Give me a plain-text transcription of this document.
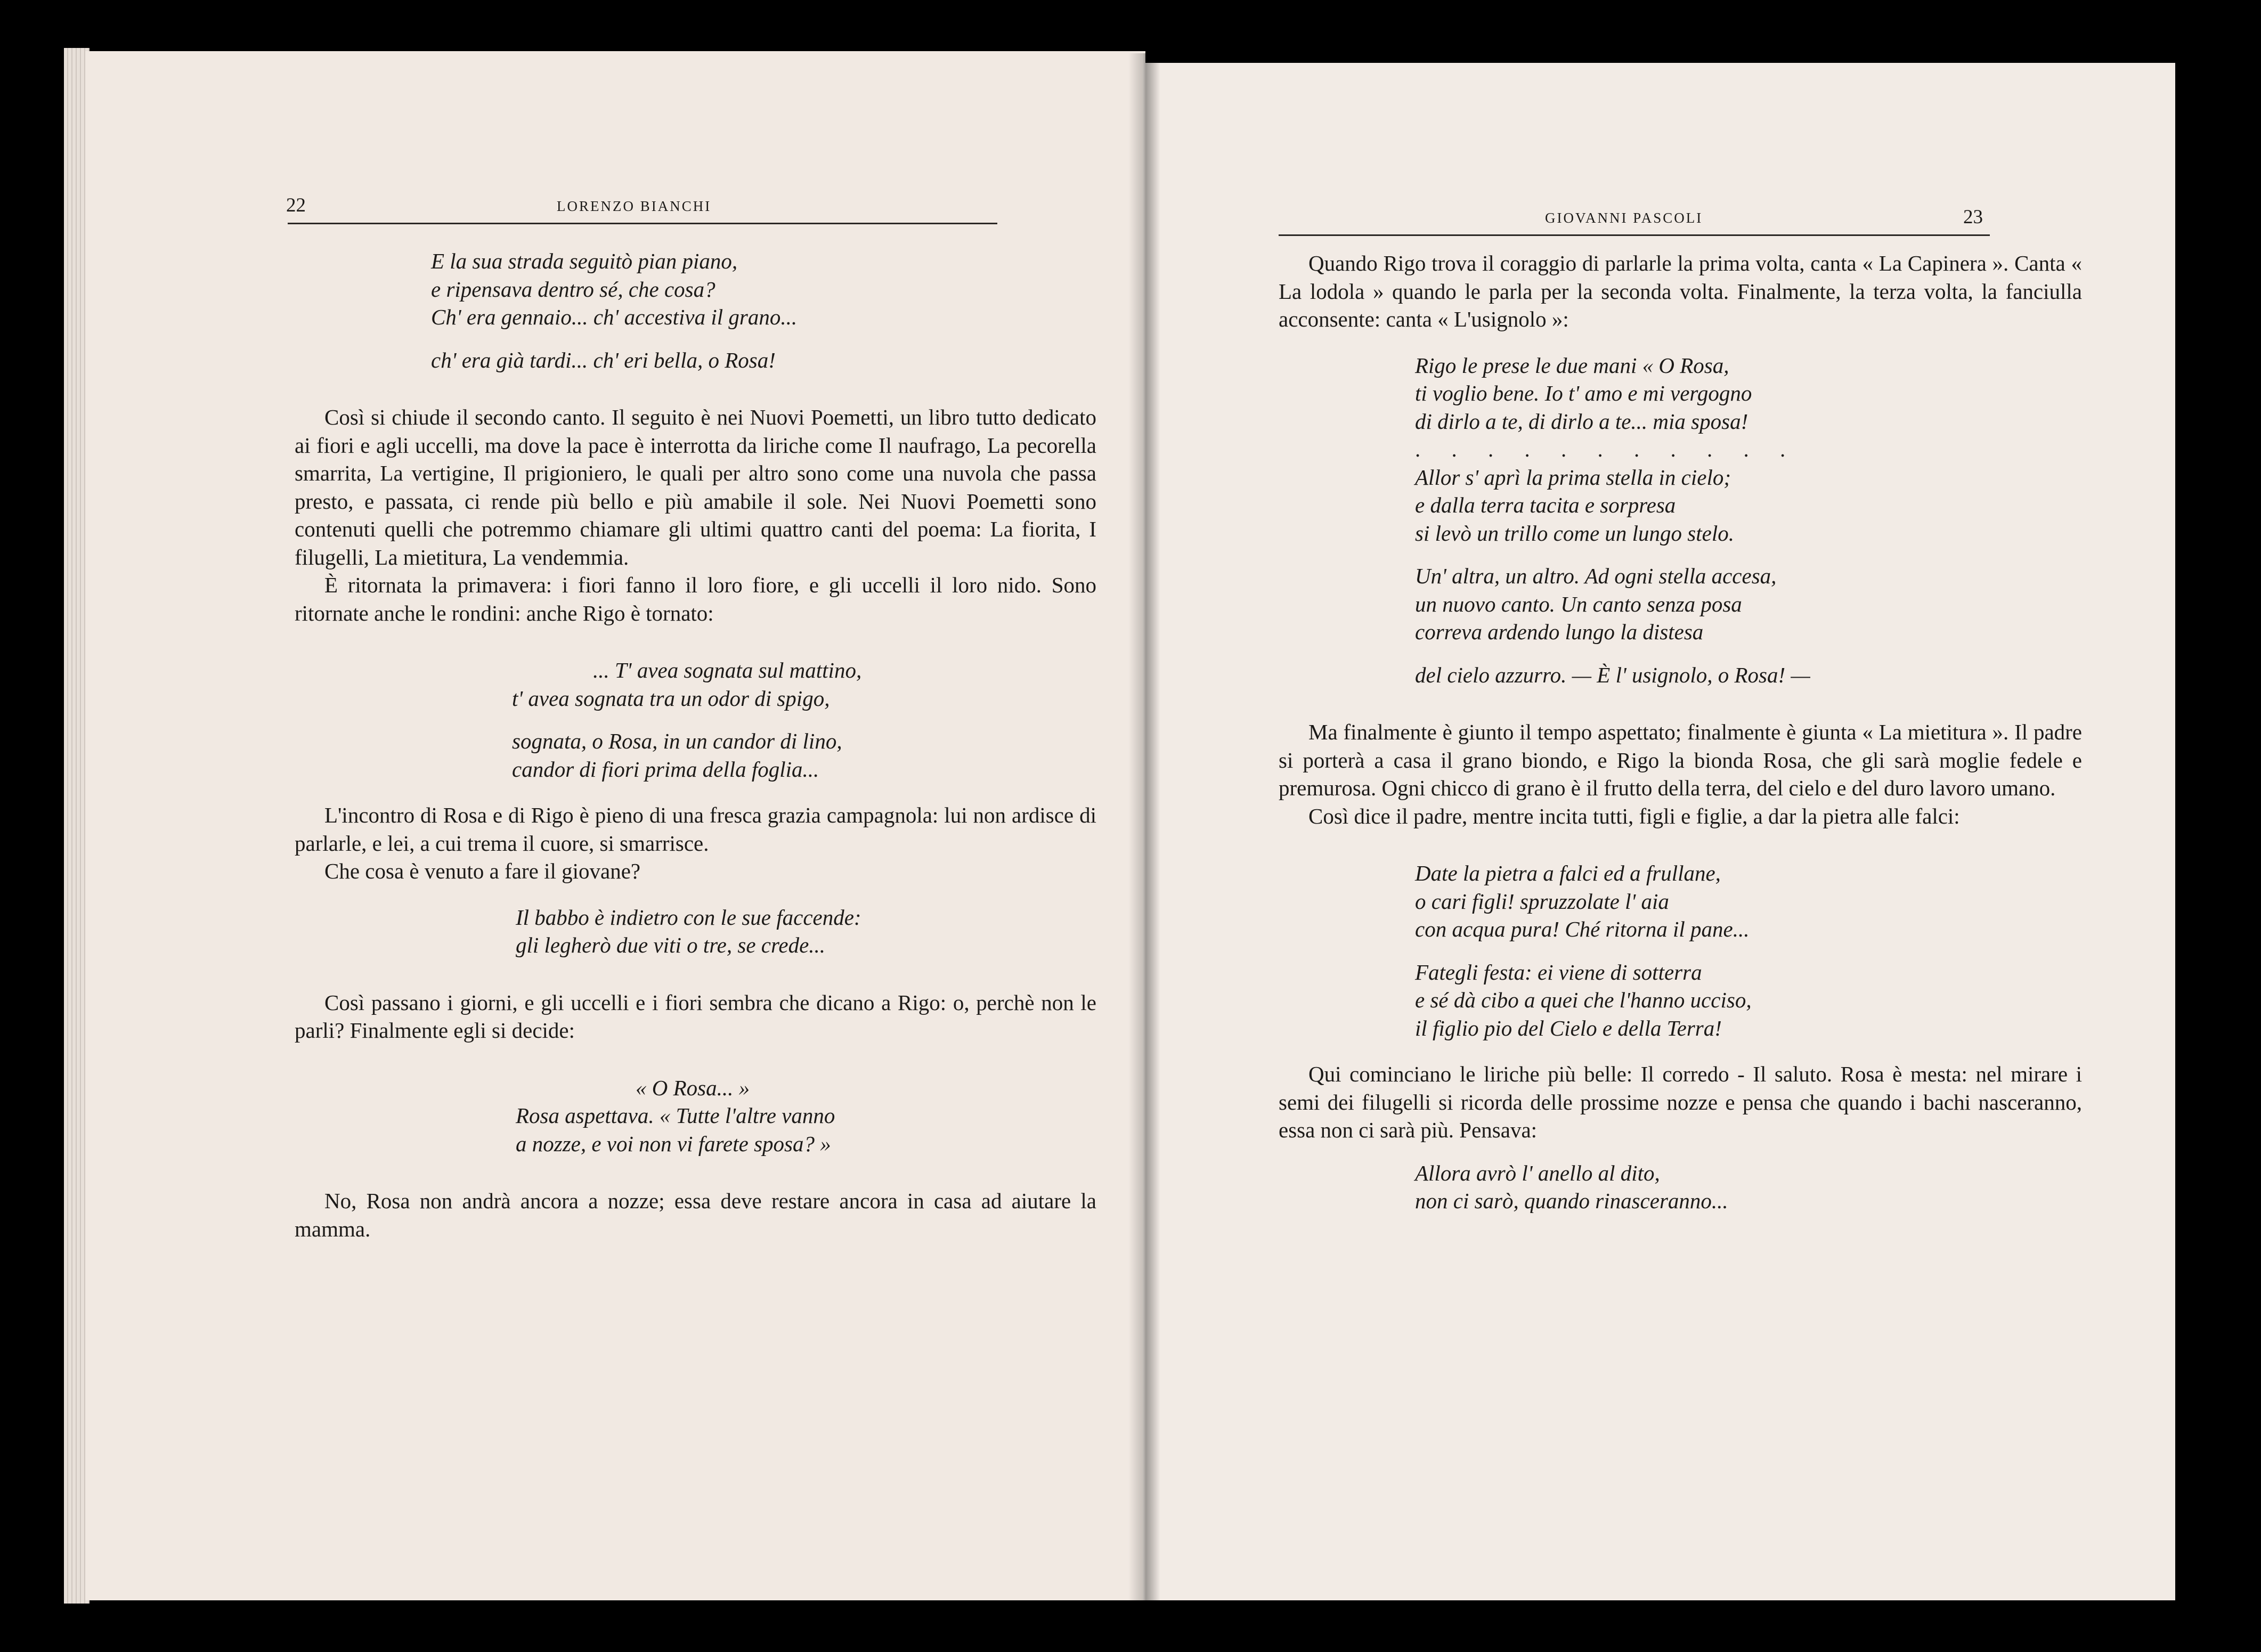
22	LORENZO BIANCHI
E la sua strada seguitò pian piano,
e ripensava dentro sé, che cosa?
Ch' era gennaio... ch' accestiva il grano...
ch' era già tardi... ch' eri bella, o Rosa!

Così si chiude il secondo canto. Il seguito è nei Nuovi Poemetti, un libro tutto dedicato ai fiori e agli uccelli, ma dove la pace è interrotta da liriche come Il naufrago, La pecorella smarrita, La vertigine, Il prigioniero, le quali per altro sono come una nuvola che passa presto, e passata, ci rende più bello e più amabile il sole. Nei Nuovi Poemetti sono contenuti quelli che potremmo chiamare gli ultimi quattro canti del poema: La fiorita, I filugelli, La mietitura, La vendemmia.

È ritornata la primavera: i fiori fanno il loro fiore, e gli uccelli il loro nido. Sono ritornate anche le rondini: anche Rigo è tornato:

... T' avea sognata sul mattino,
t' avea sognata tra un odor di spigo,
sognata, o Rosa, in un candor di lino,
candor di fiori prima della foglia...

L'incontro di Rosa e di Rigo è pieno di una fresca grazia campagnola: lui non ardisce di parlarle, e lei, a cui trema il cuore, si smarrisce.

Che cosa è venuto a fare il giovane?

Il babbo è indietro con le sue faccende:
gli legherò due viti o tre, se crede...

Così passano i giorni, e gli uccelli e i fiori sembra che dicano a Rigo: o, perchè non le parli? Finalmente egli si decide:

« O Rosa... »
Rosa aspettava. « Tutte l'altre vanno
a nozze, e voi non vi farete sposa? »

No, Rosa non andrà ancora a nozze; essa deve restare ancora in casa ad aiutare la mamma.

GIOVANNI PASCOLI	23

Quando Rigo trova il coraggio di parlarle la prima volta, canta « La Capinera ». Canta « La lodola » quando le parla per la seconda volta. Finalmente, la terza volta, la fanciulla acconsente: canta « L'usignolo »:

Rigo le prese le due mani « O Rosa,
ti voglio bene. Io t' amo e mi vergogno
di dirlo a te, di dirlo a te... mia sposa!
. . . . . . . . . . .
Allor s' aprì la prima stella in cielo;
e dalla terra tacita e sorpresa
si levò un trillo come un lungo stelo.
Un' altra, un altro. Ad ogni stella accesa,
un nuovo canto. Un canto senza posa
correva ardendo lungo la distesa
del cielo azzurro. — È l' usignolo, o Rosa! —

Ma finalmente è giunto il tempo aspettato; finalmente è giunta « La mietitura ». Il padre si porterà a casa il grano biondo, e Rigo la bionda Rosa, che gli sarà moglie fedele e premurosa. Ogni chicco di grano è il frutto della terra, del cielo e del duro lavoro umano.

Così dice il padre, mentre incita tutti, figli e figlie, a dar la pietra alle falci:

Date la pietra a falci ed a frullane,
o cari figli! spruzzolate l' aia
con acqua pura! Ché ritorna il pane...
Fategli festa: ei viene di sotterra
e sé dà cibo a quei che l'hanno ucciso,
il figlio pio del Cielo e della Terra!

Qui cominciano le liriche più belle: Il corredo - Il saluto. Rosa è mesta: nel mirare i semi dei filugelli si ricorda delle prossime nozze e pensa che quando i bachi nasceranno, essa non ci sarà più. Pensava:

Allora avrò l' anello al dito,
non ci sarò, quando rinasceranno...
